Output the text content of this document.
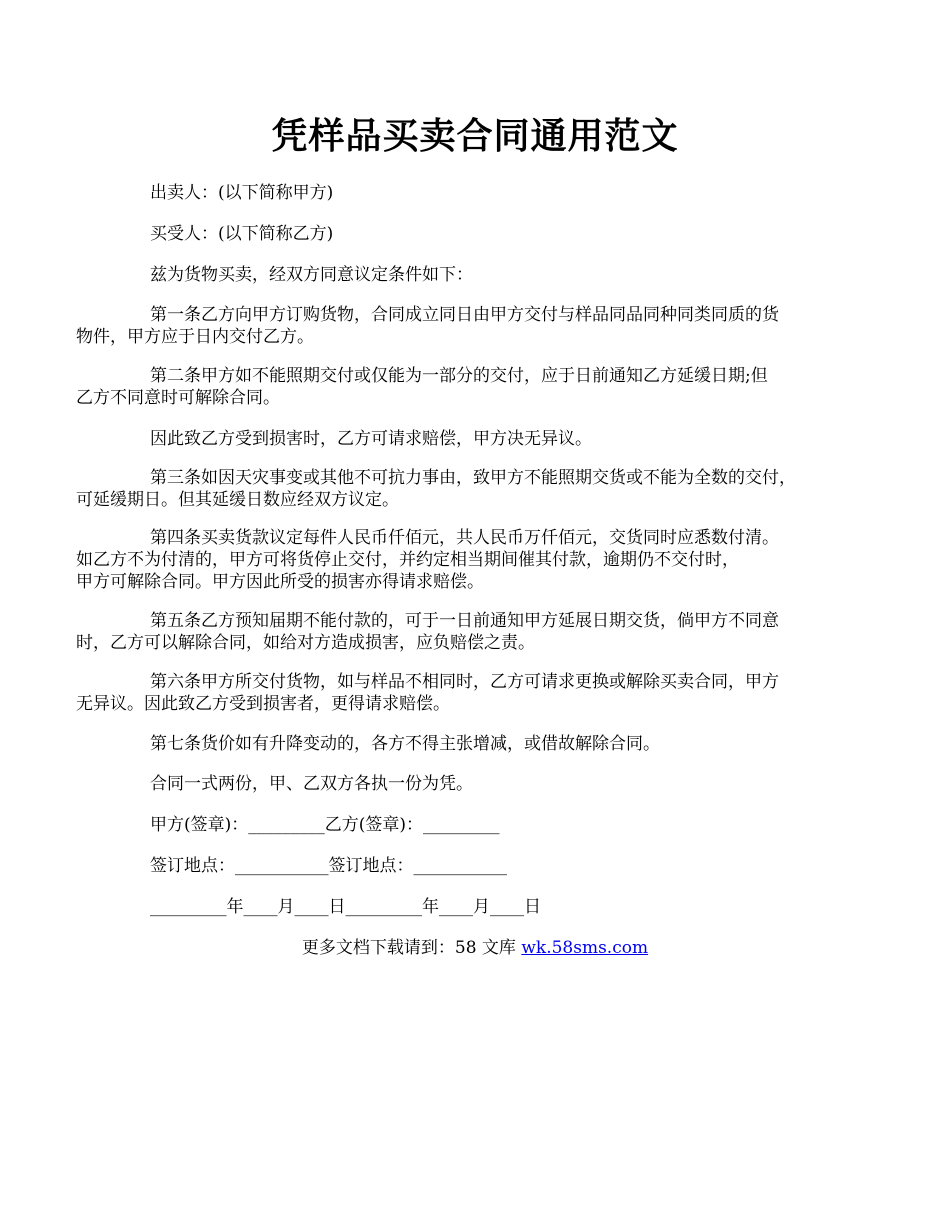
凭样品买卖合同通用范文
出卖人：(以下简称甲方)
买受人：(以下简称乙方)
兹为货物买卖，经双方同意议定条件如下：
第一条乙方向甲方订购货物，合同成立同日由甲方交付与样品同品同种同类同质的货
物件，甲方应于日内交付乙方。
第二条甲方如不能照期交付或仅能为一部分的交付，应于日前通知乙方延缓日期;但
乙方不同意时可解除合同。
因此致乙方受到损害时，乙方可请求赔偿，甲方决无异议。
第三条如因天灾事变或其他不可抗力事由，致甲方不能照期交货或不能为全数的交付，
可延缓期日。但其延缓日数应经双方议定。
第四条买卖货款议定每件人民币仟佰元，共人民币万仟佰元，交货同时应悉数付清。
如乙方不为付清的，甲方可将货停止交付，并约定相当期间催其付款，逾期仍不交付时，
甲方可解除合同。甲方因此所受的损害亦得请求赔偿。
第五条乙方预知届期不能付款的，可于一日前通知甲方延展日期交货，倘甲方不同意
时，乙方可以解除合同，如给对方造成损害，应负赔偿之责。
第六条甲方所交付货物，如与样品不相同时，乙方可请求更换或解除买卖合同，甲方
无异议。因此致乙方受到损害者，更得请求赔偿。
第七条货价如有升降变动的，各方不得主张增减，或借故解除合同。
合同一式两份，甲、乙双方各执一份为凭。
甲方(签章)：_________乙方(签章)：_________
签订地点：___________签订地点：___________
_________年____月____日_________年____月____日
更多文档下载请到：58 文库 wk.58sms.com
